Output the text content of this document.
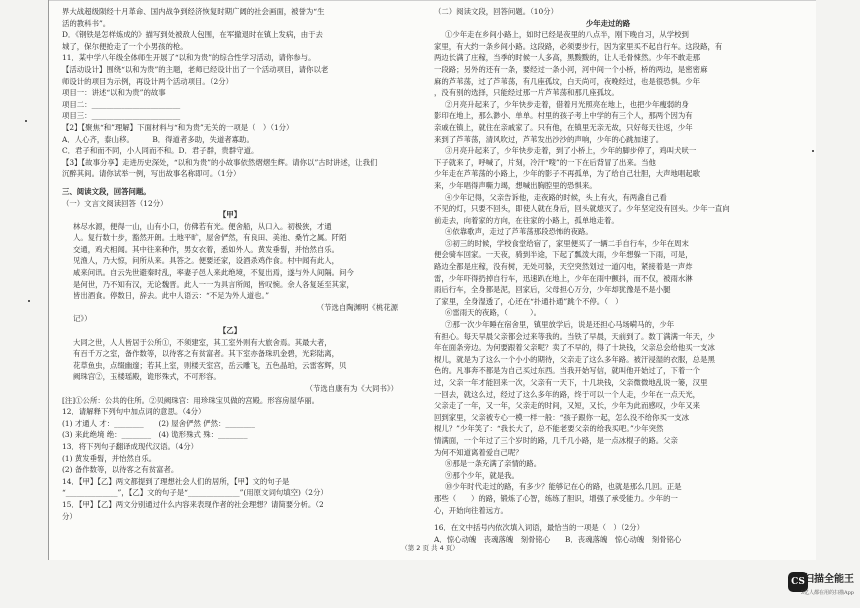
界大战超级陨经十月革命、国内战争到经济恢复时期广阔的社会画面，被誉为“生
活的教科书”。
D．《钢铁是怎样炼成的》描写到处被敌人包围，在军撤退时在镇上发病，由于去
城了，保尔便抢走了一个小男孩的枪。
11．某中学八年级全体师生开展了“以和为贵”的综合性学习活动，请你参与。
【活动设计】围绕“以和为贵”的主题，老师已经设计出了一个活动项目，请你以老
师设计的项目为示例，再设计两个活动项目。（2分）
项目一：讲述“以和为贵”的故事
项目二：________________________
项目三：________________________
【2】【聚焦“和”理解】下面材料与“和为贵”无关的一项是（　）（1分）
A．人心齐，泰山移。　　　B．得道者多助，失道者寡助。
C．君子和而不同，小人同而不和。D．君子群，贵群守道。
【3】【故事分享】走进历史深处，“以和为贵”的小故事依然熠熠生辉。请你以”古时讲述，让我们
沉醉其间。请你试举一例，写出故事名称即可。（1分）
三、阅读文段，回答问题。
（一）文言文阅读回答（12分）
【甲】
林尽水源，便得一山，山有小口，仿佛若有光。便舍船，从口入。初极狭，才通
人。复行数十步，豁然开朗。土地平旷，屋舍俨然，有良田、美池、桑竹之属。阡陌
交通，鸡犬相闻。其中往来种作，男女衣着，悉如外人。黄发垂髫，并怡然自乐。
见渔人，乃大惊，问所从来。具答之。便要还家，设酒杀鸡作食。村中闻有此人，
咸来问讯。自云先世避秦时乱，率妻子邑人来此绝境，不复出焉，遂与外人间隔。问今
是何世，乃不知有汉，无论魏晋。此人一一为具言所闻，皆叹惋。余人各复延至其家，
皆出酒食。停数日，辞去。此中人语云：“不足为外人道也。”
（节选自陶渊明《桃花源
记》）
【乙】
大同之世，人人皆居于公所①，不须建室，其工室外则有大旅舍焉。其最大者，
有百千万之室，备作数等，以待客之有贫富者。其下室亦备珠玑金碧，光彩陆离，
花草鱼虫，点缀幽邃；若其上室，则楼天室宫，岳云雕飞，五色晶珀，云雷客辉，贝
阙珠宫②，玉楼瑶殿，诡形殊式，不可形容。
（节选自康有为《大同书》）
[注]①公所：公共的住所。②贝阙珠宫：用珍珠宝贝做的宫殿。形容房屋华丽。
12．请解释下列句中加点词的意思。（4分）
(1) 才通人 才：________　　(2) 屋舍俨然 俨然：________
(3) 来此绝境 绝：________　(4) 诡形殊式 殊：________
13．将下列句子翻译成现代汉语。（4分）
(1) 黄发垂髫，并怡然自乐。
(2) 备作数等，以待客之有贫富者。
14．【甲】【乙】两文都提到了理想社会人们的居所，【甲】文的句子是
“______________”，【乙】文的句子是“______________”(用原文词句填空)（2分）
15．【甲】【乙】两文分别通过什么内容来表现作者的社会理想？请简要分析。（2
分）
（二）阅读文段，回答问题。（10分）
少年走过的路
①少年走在乡间小路上，如时已经是夜里的八点半，刚下晚自习，从学校到
家里，有大约一条乡间小路。这段路，必须要步行，因为家里买不起自行车。这段路，有
两边长满了庄稼，当季的时候一人多高，黑黢黢的，让人毛骨悚然。少年不敢走那
一段路；另外的还有一条，要经过一条小河，河中间一个小桥，桥的两边，是密密麻
麻的芦苇荡，过了芦苇荡，有几座孤坟，白天尚可，夜晚经过，也是很恐惧。少年
，没有别的选择，只能经过那一片芦苇荡和那几座孤坟。
②月亮升起来了，少年快步走着，借着月光照亮在地上，也把少年瘦弱的身
影印在地上，那么渺小、单单。村里的孩子考上中学的有三个人，那两个因为有
亲戚在镇上，就住在亲戚家了。只有他，在镇里无亲无故，只好每天往返，少年
来到了芦苇荡，清风吹过，芦苇发出沙沙的声响，少年的心跳加速了。
③月亮升起来了，少年快步走着，到了小桥上，少年的脚步停了，鸡叫犬吠一
下子就来了，呼喊了，片刻，冷汗“嗖”的一下在后背冒了出来。当他
少年走在芦苇荡的小路上，少年的影子不再孤单，为了给自己壮胆，大声地唱起歌
来，少年唱得声嘶力竭，想喊出胸腔里的恐惧来。
④少年记得，父亲告诉他，走夜路的时候，头上有火，有两盏自己看
不见的灯，只要不回头，即使人就在身后，回头就熄灭了。少年坚定没有回头。少年一直向
前走去，向着家的方向，在往家的小路上，孤单地走着。
④依靠歌声，走过了芦苇荡那段恐怖的夜路。
⑤初三的时候，学校食堂给宿了，家里便买了一辆二手自行车，少年在周末
便会骑车回家。一天夜，骑到半途，下起了瓢泼大雨，少年想躲一下雨，可是，
路边全都是庄稼，没有树，无处可躲，天空突然划过一道闪电，紧接着是一声炸
雷，少年吓得扔掉自行车，迅速趴在地上，少年在雨中颤抖，而不仅，被雨水淋
雨后行车，全身都是泥，回家后，父母担心万分，少年却犹豫是不是小腿
了家里，全身湿透了，心还在“扑通扑通”跳个不停。（　）
⑥雷雨天的夜路，（　　　）。
⑦那一次少年睡在宿舍里，镇里放学后，说是还担心马场嗬马的，少年
有担心。每天早晨父亲都会过来等我的。当铁了早晨，天前到了。数丁满满一年天，少
年在面条旁边。为何要跟着父亲呢？卖了不早的，得了十块钱，父亲总会给他买一支冰
棍儿，就是为了这么一个小小的期待，父亲走了这么多年路。被汗浸湿的衣服，总是黑
色的。凡事奔不都是为自己买过东西。当我开始写信，就叫他开始过了，下着一个
过，父亲一年才能回来一次，父亲有一天下，十几块钱，父亲微微地乱说一篓，汉里
一回去，就这么过，经过了这么多年的路，终于可以一个人走，少年在一点天光，
父亲走了一年，又一年，父亲走的时间，又短，又长，少年为此而感叹，少年又来
回到家里，父亲被专心一模一样一般：“孩子跟你一起，怎么没不给你买一支冰
棍儿？”少年笑了：“我长大了，总不能老要父亲的给我买吧。”少年突然
情满面，一个年过了三个岁时的路，几千几小路，是一点冰棍子的路。父亲
为何不知道离着爱自己呢？
⑧那是一条充满了亲情的路。
⑨那个少年，就是我。
⑩少年时代走过的路，有多少？能够记在心的路，也就是那么几回。正是
那些（　　）的路，锻炼了心智，练练了胆识，增强了承受能力。少年的一
心，开始向往着远方。
16．在文中括号内依次填入词语，最恰当的一项是（　）（2分）
A．惊心动魄　丧魂落魄　刻骨铭心　　B．丧魂落魄　惊心动魄　刻骨铭心
（第 2 页 共 4 页）
CS 扫描全能王
3亿人都在用的扫描App
